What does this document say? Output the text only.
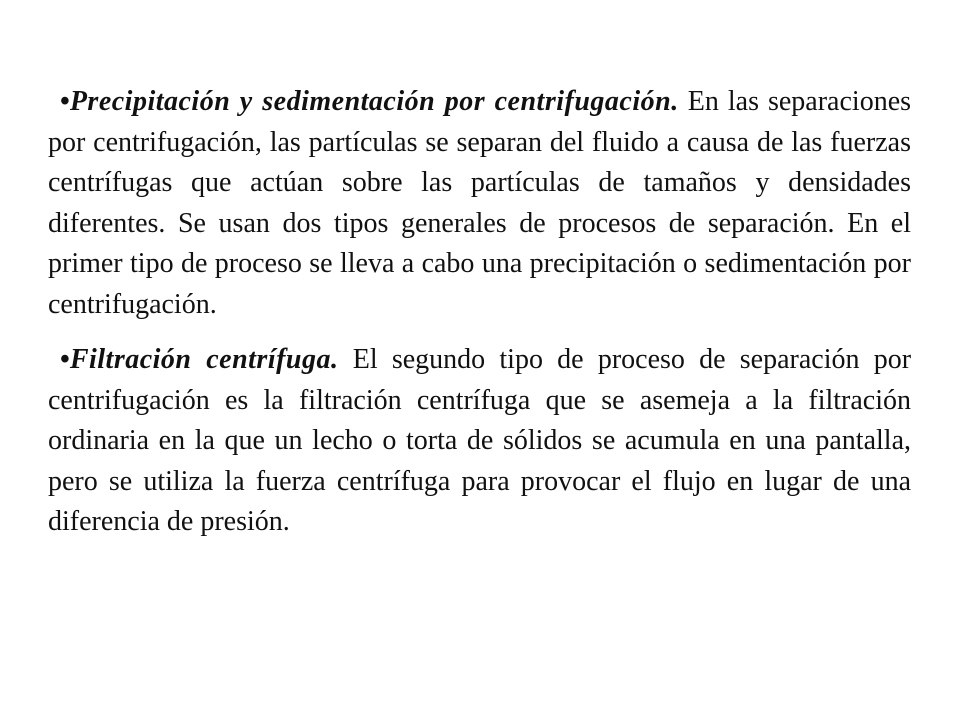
•Precipitación y sedimentación por centrifugación. En las separaciones por centrifugación, las partículas se separan del fluido a causa de las fuerzas centrífugas que actúan sobre las partículas de tamaños y densidades diferentes. Se usan dos tipos generales de procesos de separación. En el primer tipo de proceso se lleva a cabo una precipitación o sedimentación por centrifugación.

•Filtración centrífuga. El segundo tipo de proceso de separación por centrifugación es la filtración centrífuga que se asemeja a la filtración ordinaria en la que un lecho o torta de sólidos se acumula en una pantalla, pero se utiliza la fuerza centrífuga para provocar el flujo en lugar de una diferencia de presión.
